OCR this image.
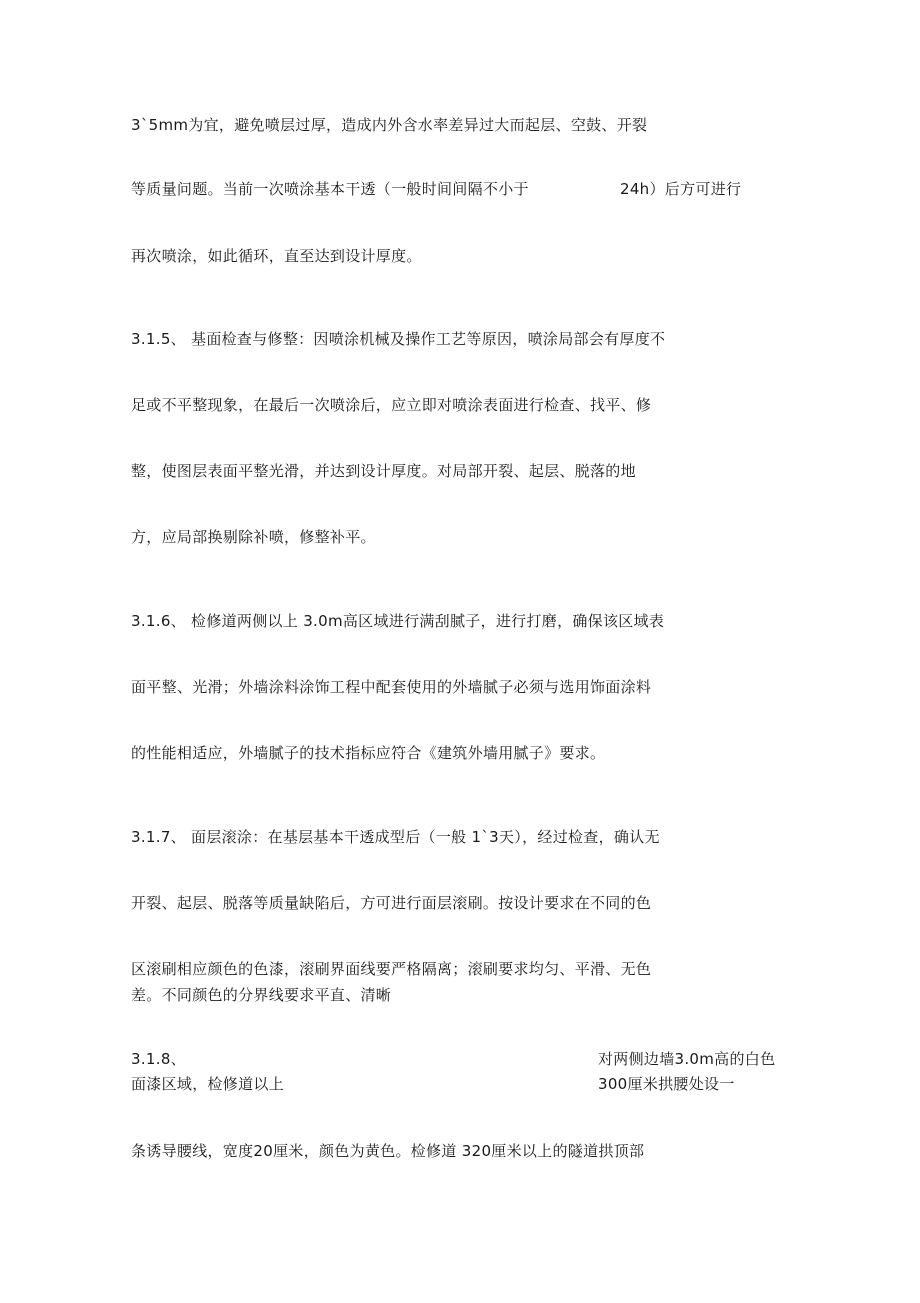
3`5mm为宜，避免喷层过厚，造成内外含水率差异过大而起层、空鼓、开裂
等质量问题。当前一次喷涂基本干透（一般时间间隔不小于	24h）后方可进行
再次喷涂，如此循环，直至达到设计厚度。
3.1.5、 基面检查与修整：因喷涂机械及操作工艺等原因，喷涂局部会有厚度不
足或不平整现象，在最后一次喷涂后，应立即对喷涂表面进行检查、找平、修
整，使图层表面平整光滑，并达到设计厚度。对局部开裂、起层、脱落的地
方，应局部换剔除补喷，修整补平。
3.1.6、 检修道两侧以上 3.0m高区域进行满刮腻子，进行打磨，确保该区域表
面平整、光滑；外墙涂料涂饰工程中配套使用的外墙腻子必须与选用饰面涂料
的性能相适应，外墙腻子的技术指标应符合《建筑外墙用腻子》要求。
3.1.7、 面层滚涂：在基层基本干透成型后（一般 1`3天），经过检查，确认无
开裂、起层、脱落等质量缺陷后，方可进行面层滚刷。按设计要求在不同的色
区滚刷相应颜色的色漆，滚刷界面线要严格隔离；滚刷要求均匀、平滑、无色
差。不同颜色的分界线要求平直、清晰
3.1.8、	对两侧边墙3.0m高的白色
面漆区域，检修道以上	300厘米拱腰处设一
条诱导腰线，宽度20厘米，颜色为黄色。检修道 320厘米以上的隧道拱顶部
